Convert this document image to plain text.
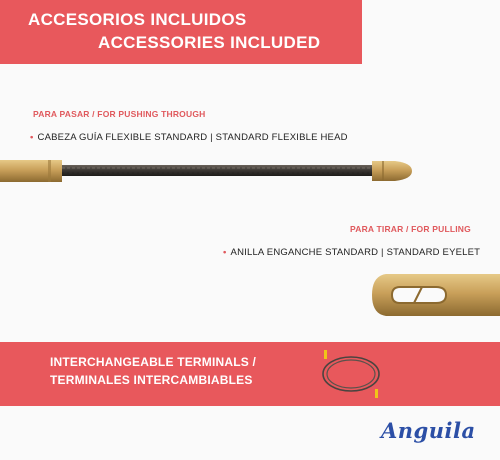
ACCESORIOS INCLUIDOS
ACCESSORIES INCLUDED
PARA PASAR / FOR PUSHING THROUGH
• CABEZA GUÍA FLEXIBLE STANDARD | STANDARD FLEXIBLE HEAD
PARA TIRAR / FOR PULLING
• ANILLA ENGANCHE STANDARD | STANDARD EYELET
INTERCHANGEABLE TERMINALS /
TERMINALES INTERCAMBIABLES
Anguila
